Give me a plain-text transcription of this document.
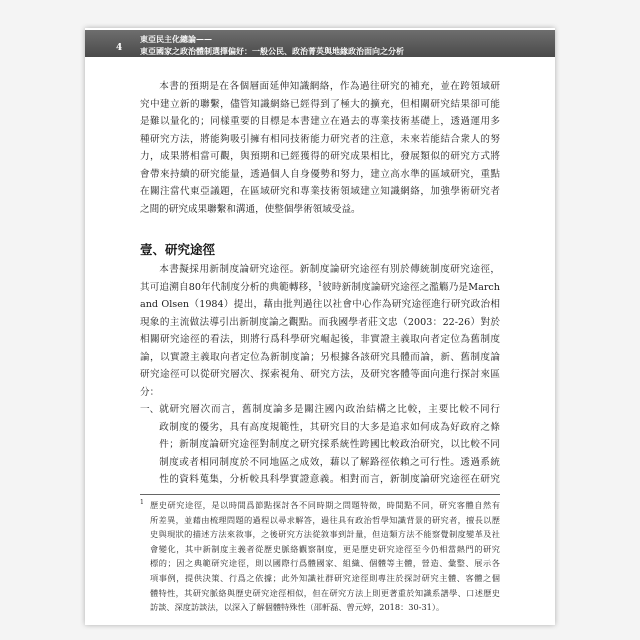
4
東亞民主化總論——
東亞國家之政治體制選擇偏好：一般公民、政治菁英與地緣政治面向之分析
本書的預期是在各個層面延伸知識網絡，作為過往研究的補充，並在跨領域研
究中建立新的聯繫，儘管知識網絡已經得到了極大的擴充，但相關研究結果卻可能
是難以量化的；同樣重要的目標是本書建立在過去的專業技術基礎上，透過運用多
種研究方法，將能夠吸引擁有相同技術能力研究者的注意，未來若能結合衆人的努
力，成果將相當可觀，與預期和已經獲得的研究成果相比，發展類似的研究方式將
會帶來持續的研究能量，透過個人自身優勢和努力，建立高水準的區域研究，重點
在關注當代東亞議題，在區域研究和專業技術領域建立知識網絡，加強學術研究者
之間的研究成果聯繫和溝通，使整個學術領域受益。
壹、研究途徑
本書擬採用新制度論研究途徑。新制度論研究途徑有別於傳統制度研究途徑，
其可追溯自80年代制度分析的典範轉移，$^1$彼時新制度論研究途徑之濫觴乃是March
and Olsen（1984）提出，藉由批判過往以社會中心作為研究途徑進行研究政治相
現象的主流做法導引出新制度論之觀點。而我國學者莊文忠（2003：22-26）對於
相關研究途徑的看法，則將行爲科學研究崛起後，非實證主義取向者定位為舊制度
論，以實證主義取向者定位為新制度論；另根據各該研究具體而論，新、舊制度論
研究途徑可以從研究層次、探索視角、研究方法，及研究客體等面向進行探討來區
分：
一、 就研究層次而言，舊制度論多是關注國內政治結構之比較，主要比較不同行
政制度的優劣，具有高度規範性，其研究目的大多是追求如何成為好政府之條
件；新制度論研究途徑對制度之研究採系統性跨國比較政治研究，以比較不同
制度或者相同制度於不同地區之成效，藉以了解路徑依賴之可行性。透過系統
性的資料蒐集，分析較具科學實證意義。相對而言，新制度論研究途徑在研究
1 歷史研究途徑，是以時間爲節點探討各不同時期之問題特徵，時間點不同，研究客體自然有
所差異，並藉由梳理問題的過程以尋求解答，過往具有政治哲學知識背景的研究者，擅長以歷
史與現狀的描述方法來敘事，之後研究方法從敘事到計量，但這類方法不能察覺制度變革及社
會變化，其中新制度主義者從歷史脈絡觀察制度，更是歷史研究途徑至今仍相當熱門的研究
標的；因之典範研究途徑，則以國際行爲體國家、組織、個體等主體，營造、彙整、展示各
項事例，提供決策、行爲之依據；此外知識社群研究途徑則專注於探討研究主體、客體之個
體特性，其研究脈絡與歷史研究途徑相似，但在研究方法上則更著重於知識系譜學、口述歷史
訪談、深度訪談法，以深入了解個體特殊性（邵軒磊、曾元婷，2018：30-31）。
